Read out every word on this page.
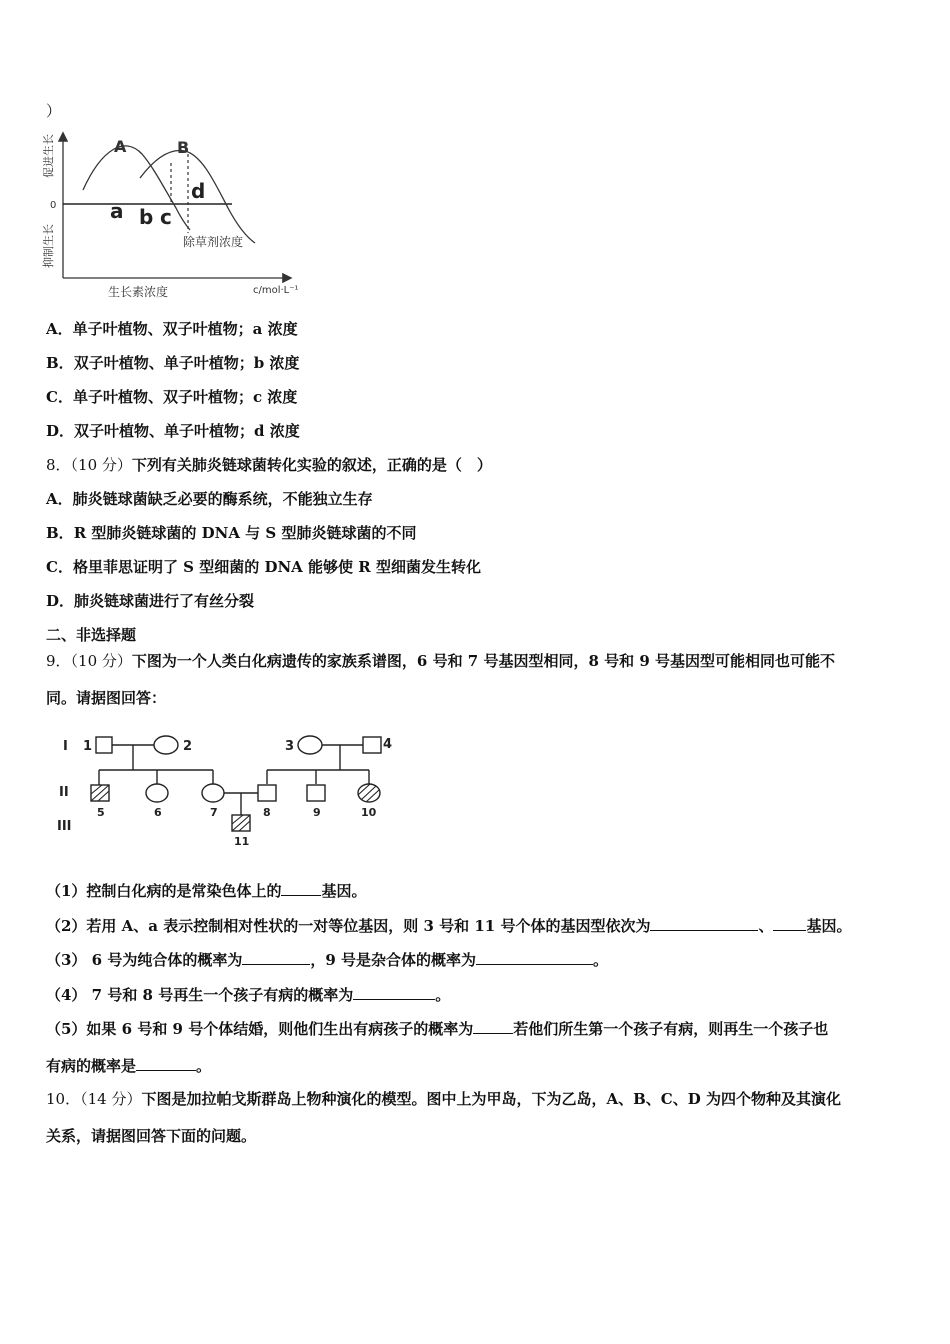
）
促进生长
抑制生长
0
A	B
a b c
d
除草剂浓度
生长素浓度	c/mol·L⁻¹
A．单子叶植物、双子叶植物；a 浓度
B．双子叶植物、单子叶植物；b 浓度
C．单子叶植物、双子叶植物；c 浓度
D．双子叶植物、单子叶植物；d 浓度
8．（10 分）下列有关肺炎链球菌转化实验的叙述，正确的是（　）
A．肺炎链球菌缺乏必要的酶系统，不能独立生存
B．R 型肺炎链球菌的 DNA 与 S 型肺炎链球菌的不同
C．格里菲思证明了 S 型细菌的 DNA 能够使 R 型细菌发生转化
D．肺炎链球菌进行了有丝分裂
二、非选择题
9．（10 分）下图为一个人类白化病遗传的家族系谱图，6 号和 7 号基因型相同，8 号和 9 号基因型可能相同也可能不
同。请据图回答：
I
II
III
1	2	3	4
5	6	7	8	9	10
11
（1）控制白化病的是常染色体上的	基因。
（2）若用 A、a 表示控制相对性状的一对等位基因，则 3 号和 11 号个体的基因型依次为	、 基因。
（3） 6 号为纯合体的概率为	，9 号是杂合体的概率为	。
（4） 7 号和 8 号再生一个孩子有病的概率为	。
（5）如果 6 号和 9 号个体结婚，则他们生出有病孩子的概率为	若他们所生第一个孩子有病，则再生一个孩子也
有病的概率是	。
10．（14 分）下图是加拉帕戈斯群岛上物种演化的模型。图中上为甲岛，下为乙岛，A、B、C、D 为四个物种及其演化
关系，请据图回答下面的问题。
